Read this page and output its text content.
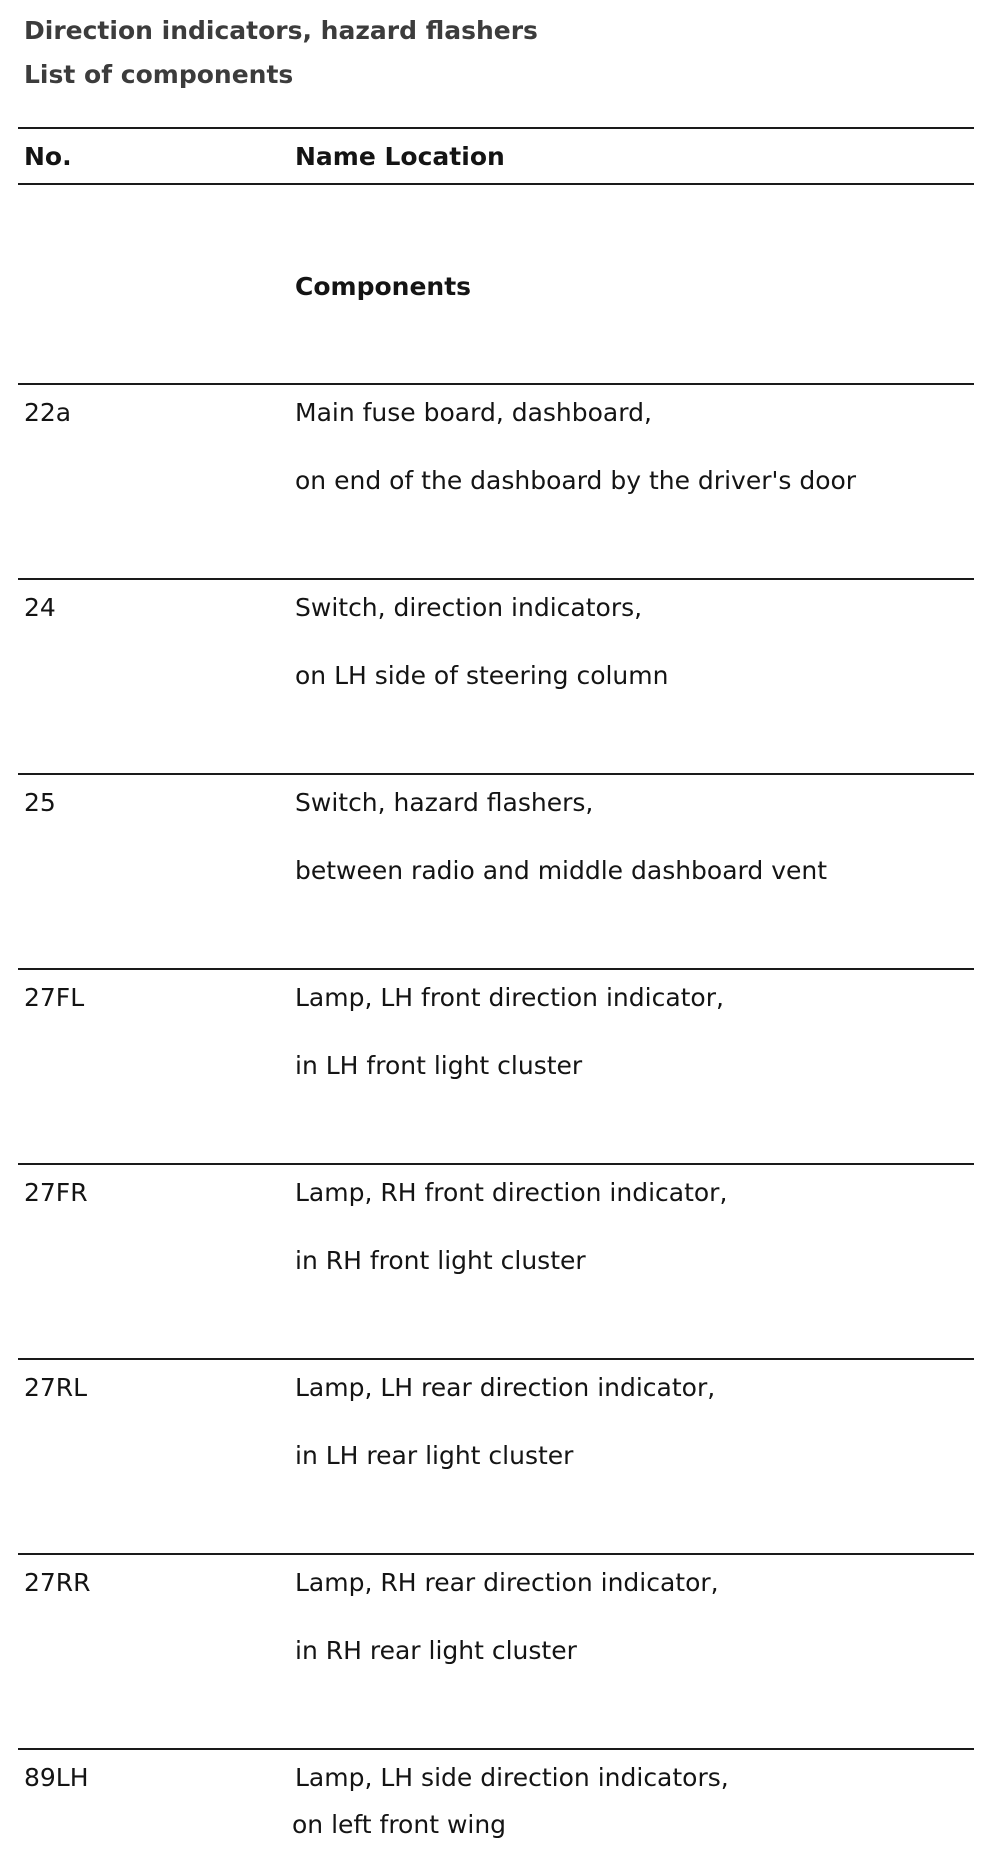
Direction indicators, hazard flashers
List of components
No.	Name Location
Components
22a	Main fuse board, dashboard,
on end of the dashboard by the driver's door
24	Switch, direction indicators,
on LH side of steering column
25	Switch, hazard flashers,
between radio and middle dashboard vent
27FL	Lamp, LH front direction indicator,
in LH front light cluster
27FR	Lamp, RH front direction indicator,
in RH front light cluster
27RL	Lamp, LH rear direction indicator,
in LH rear light cluster
27RR	Lamp, RH rear direction indicator,
in RH rear light cluster
89LH	Lamp, LH side direction indicators,
on left front wing
